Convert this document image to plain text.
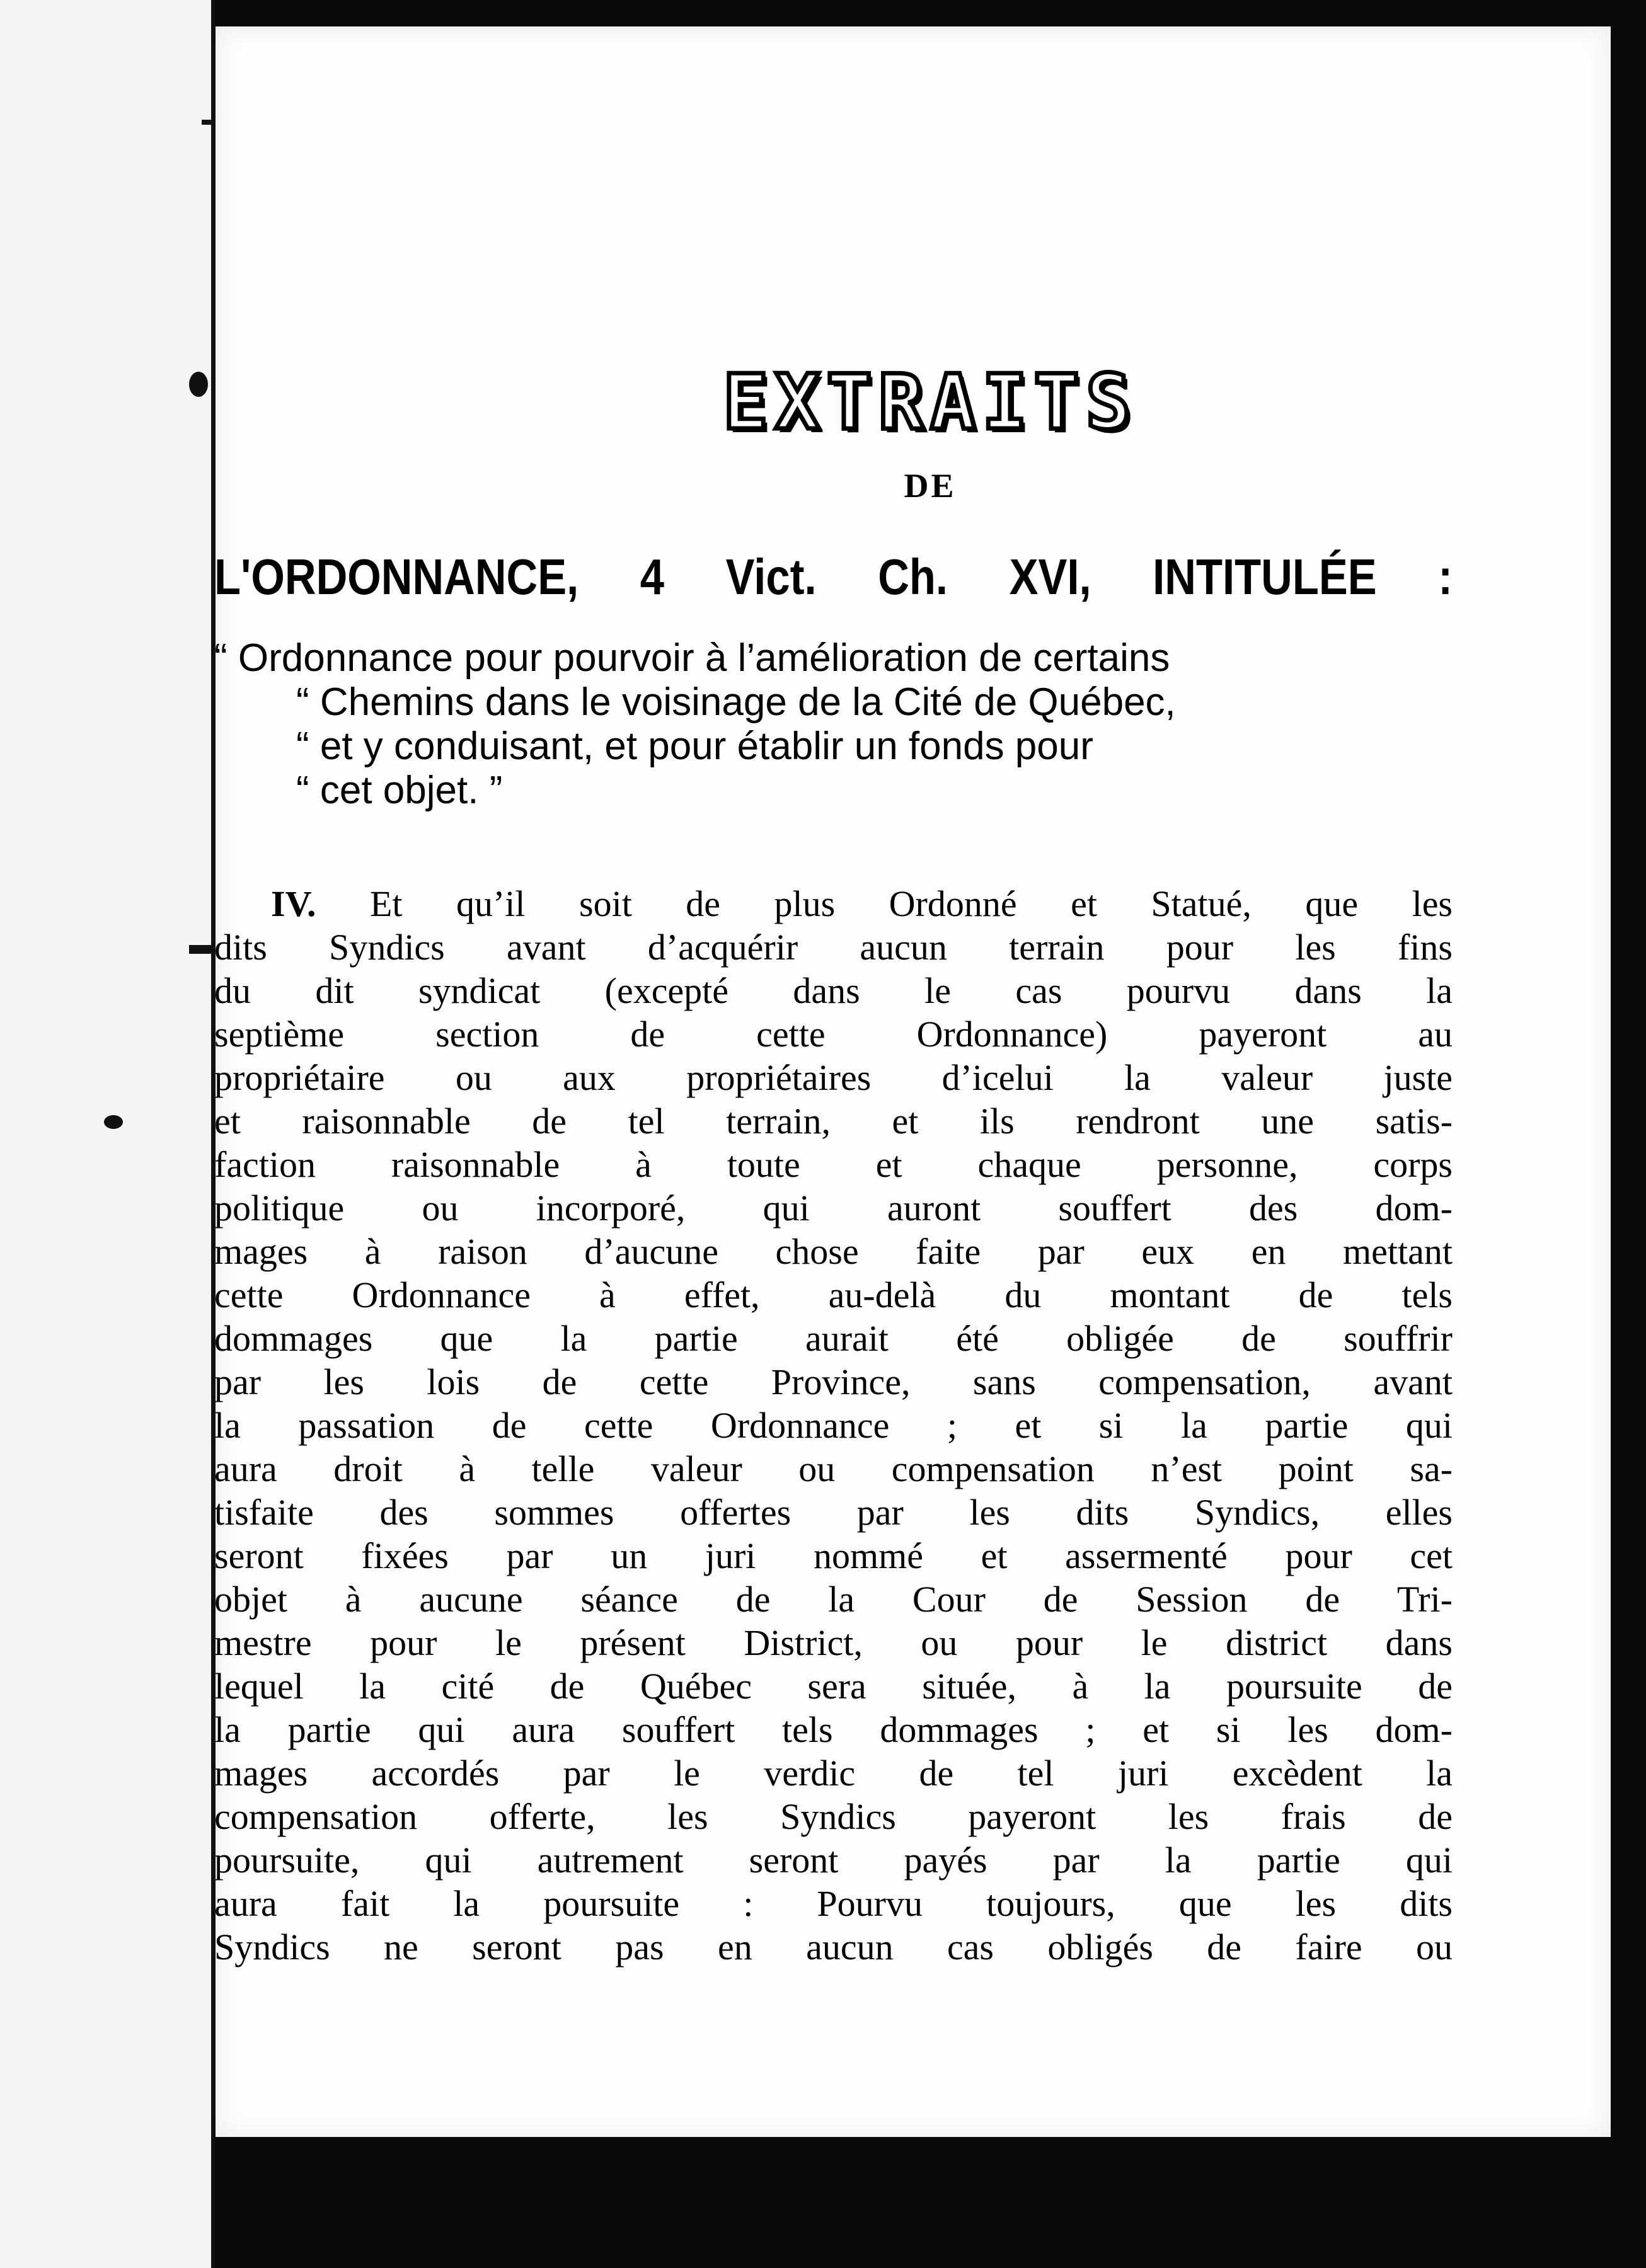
EXTRAITS
DE
L'ORDONNANCE, 4 Vict. Ch. XVI, INTITULÉE :
“ Ordonnance pour pourvoir à l’amélioration de certains
“ Chemins dans le voisinage de la Cité de Québec,
“ et y conduisant, et pour établir un fonds pour
“ cet objet. ”
IV. Et qu’il soit de plus Ordonné et Statué, que les
dits Syndics avant d’acquérir aucun terrain pour les fins
du dit syndicat (excepté dans le cas pourvu dans la
septième section de cette Ordonnance) payeront au
propriétaire ou aux propriétaires d’icelui la valeur juste
et raisonnable de tel terrain, et ils rendront une satis-
faction raisonnable à toute et chaque personne, corps
politique ou incorporé, qui auront souffert des dom-
mages à raison d’aucune chose faite par eux en mettant
cette Ordonnance à effet, au-delà du montant de tels
dommages que la partie aurait été obligée de souffrir
par les lois de cette Province, sans compensation, avant
la passation de cette Ordonnance ; et si la partie qui
aura droit à telle valeur ou compensation n’est point sa-
tisfaite des sommes offertes par les dits Syndics, elles
seront fixées par un juri nommé et assermenté pour cet
objet à aucune séance de la Cour de Session de Tri-
mestre pour le présent District, ou pour le district dans
lequel la cité de Québec sera située, à la poursuite de
la partie qui aura souffert tels dommages ; et si les dom-
mages accordés par le verdic de tel juri excèdent la
compensation offerte, les Syndics payeront les frais de
poursuite, qui autrement seront payés par la partie qui
aura fait la poursuite : Pourvu toujours, que les dits
Syndics ne seront pas en aucun cas obligés de faire ou
